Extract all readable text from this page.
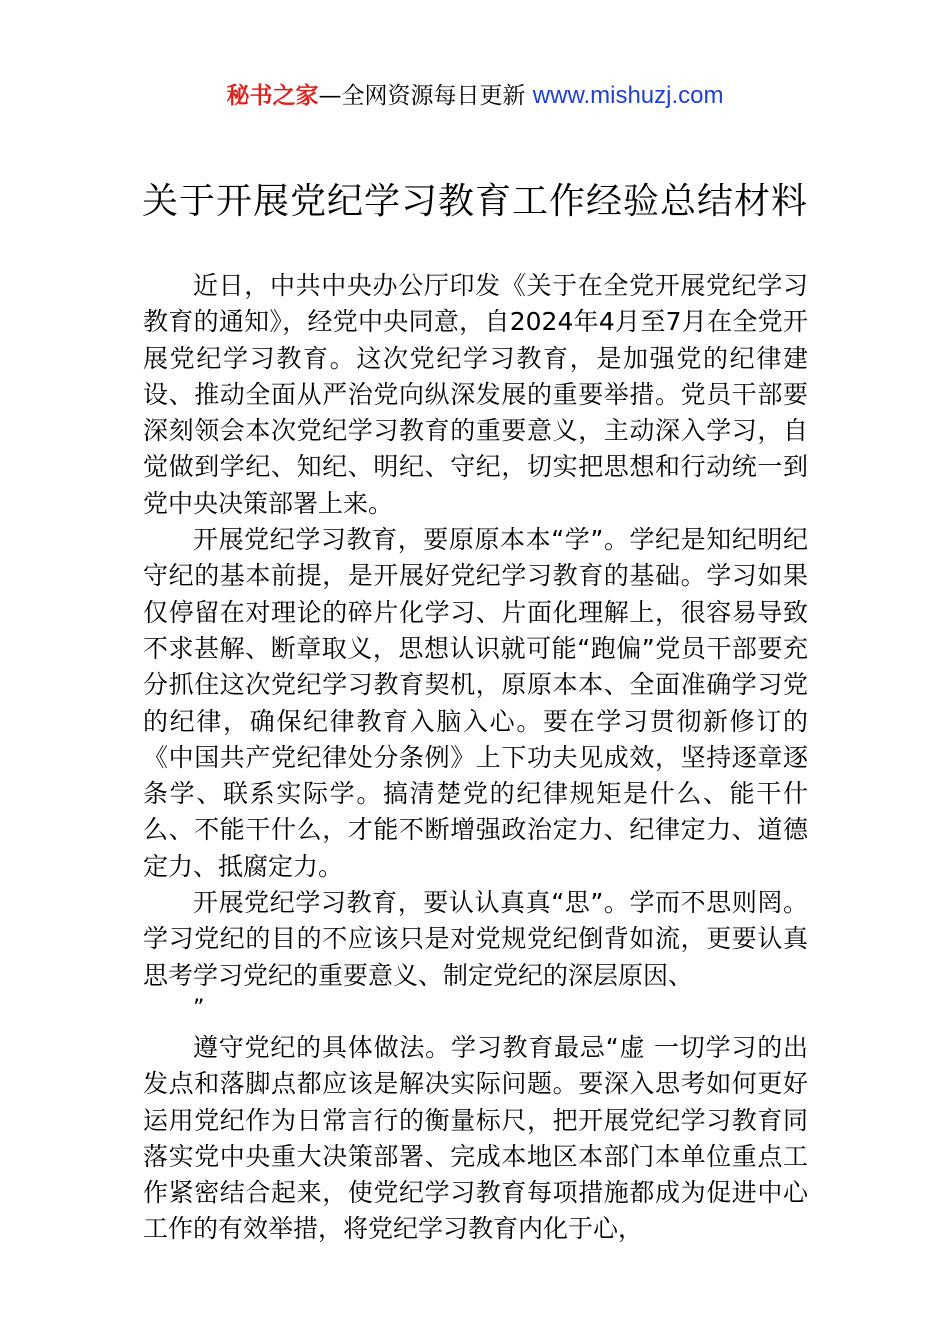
秘书之家—全网资源每日更新 www.mishuzj.com
关于开展党纪学习教育工作经验总结材料

近日，中共中央办公厅印发《关于在全党开展党纪学习教育的通知》，经党中央同意，自2024年4月至7月在全党开展党纪学习教育。这次党纪学习教育，是加强党的纪律建设、推动全面从严治党向纵深发展的重要举措。党员干部要深刻领会本次党纪学习教育的重要意义，主动深入学习，自觉做到学纪、知纪、明纪、守纪，切实把思想和行动统一到党中央决策部署上来。

开展党纪学习教育，要原原本本“学”。学纪是知纪明纪守纪的基本前提，是开展好党纪学习教育的基础。学习如果仅停留在对理论的碎片化学习、片面化理解上，很容易导致不求甚解、断章取义，思想认识就可能“跑偏”党员干部要充分抓住这次党纪学习教育契机，原原本本、全面准确学习党的纪律，确保纪律教育入脑入心。要在学习贯彻新修订的《中国共产党纪律处分条例》上下功夫见成效，坚持逐章逐条学、联系实际学。搞清楚党的纪律规矩是什么、能干什么、不能干什么，才能不断增强政治定力、纪律定力、道德定力、抵腐定力。

开展党纪学习教育，要认认真真“思”。学而不思则罔。学习党纪的目的不应该只是对党规党纪倒背如流，更要认真思考学习党纪的重要意义、制定党纪的深层原因、

”

遵守党纪的具体做法。学习教育最忌“虚 一切学习的出发点和落脚点都应该是解决实际问题。要深入思考如何更好运用党纪作为日常言行的衡量标尺，把开展党纪学习教育同落实党中央重大决策部署、完成本地区本部门本单位重点工作紧密结合起来，使党纪学习教育每项措施都成为促进中心工作的有效举措，将党纪学习教育内化于心，
